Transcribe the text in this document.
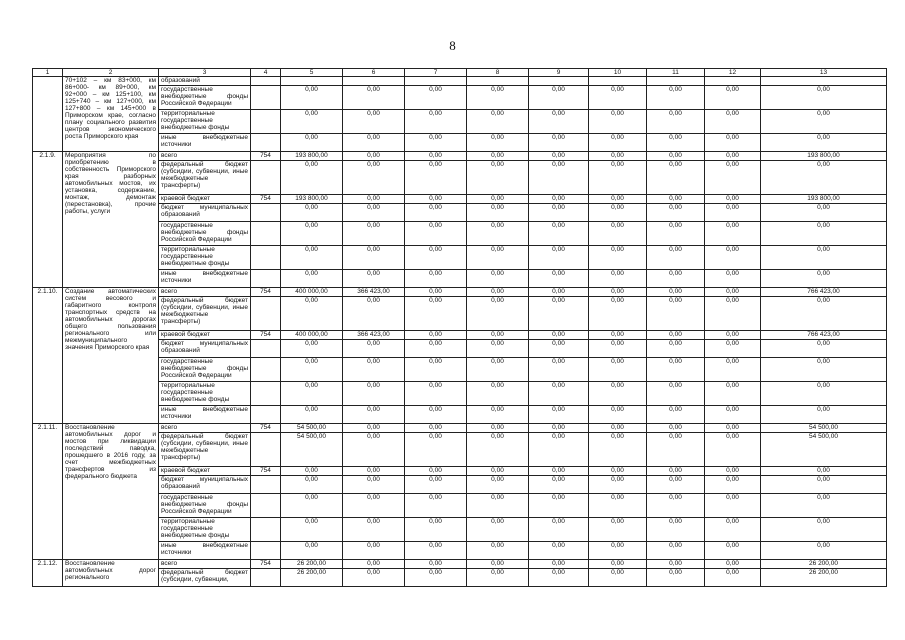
8
1	2	3	4	5	6	7	8	9	10	11	12	13
	70+102 – км 83+000, км 86+000- км 89+000, км 92+000 – км 125+100, км 125+740 – км 127+000, км 127+800 – км 145+000 в Приморском крае, согласно плану социального развития центров экономического роста Приморского края	образований										
		государственные внебюджетные фонды Российской Федерации		0,00	0,00	0,00	0,00	0,00	0,00	0,00	0,00	0,00
		территориальные государственные внебюджетные фонды		0,00	0,00	0,00	0,00	0,00	0,00	0,00	0,00	0,00
		иные внебюджетные источники		0,00	0,00	0,00	0,00	0,00	0,00	0,00	0,00	0,00
2.1.9.	Мероприятия по приобретению в собственность Приморского края разборных автомобильных мостов, их установка, содержание, монтаж, демонтаж (перестановка), прочие работы, услуги	всего	754	193 800,00	0,00	0,00	0,00	0,00	0,00	0,00	0,00	193 800,00
		федеральный бюджет (субсидии, субвенции, иные межбюджетные трансферты)		0,00	0,00	0,00	0,00	0,00	0,00	0,00	0,00	0,00
		краевой бюджет	754	193 800,00	0,00	0,00	0,00	0,00	0,00	0,00	0,00	193 800,00
		бюджет муниципальных образований		0,00	0,00	0,00	0,00	0,00	0,00	0,00	0,00	0,00
		государственные внебюджетные фонды Российской Федерации		0,00	0,00	0,00	0,00	0,00	0,00	0,00	0,00	0,00
		территориальные государственные внебюджетные фонды		0,00	0,00	0,00	0,00	0,00	0,00	0,00	0,00	0,00
		иные внебюджетные источники		0,00	0,00	0,00	0,00	0,00	0,00	0,00	0,00	0,00
2.1.10.	Создание автоматических систем весового и габаритного контроля транспортных средств на автомобильных дорогах общего пользования регионального или межмуниципального значения Приморского края	всего	754	400 000,00	366 423,00	0,00	0,00	0,00	0,00	0,00	0,00	766 423,00
		федеральный бюджет (субсидии, субвенции, иные межбюджетные трансферты)		0,00	0,00	0,00	0,00	0,00	0,00	0,00	0,00	0,00
		краевой бюджет	754	400 000,00	366 423,00	0,00	0,00	0,00	0,00	0,00	0,00	766 423,00
		бюджет муниципальных образований		0,00	0,00	0,00	0,00	0,00	0,00	0,00	0,00	0,00
		государственные внебюджетные фонды Российской Федерации		0,00	0,00	0,00	0,00	0,00	0,00	0,00	0,00	0,00
		территориальные государственные внебюджетные фонды		0,00	0,00	0,00	0,00	0,00	0,00	0,00	0,00	0,00
		иные внебюджетные источники		0,00	0,00	0,00	0,00	0,00	0,00	0,00	0,00	0,00
2.1.11.	Восстановление автомобильных дорог и мостов при ликвидации последствий паводка, прошедшего в 2016 году, за счет межбюджетных трансфертов из федерального бюджета	всего	754	54 500,00	0,00	0,00	0,00	0,00	0,00	0,00	0,00	54 500,00
		федеральный бюджет (субсидии, субвенции, иные межбюджетные трансферты)		54 500,00	0,00	0,00	0,00	0,00	0,00	0,00	0,00	54 500,00
		краевой бюджет	754	0,00	0,00	0,00	0,00	0,00	0,00	0,00	0,00	0,00
		бюджет муниципальных образований		0,00	0,00	0,00	0,00	0,00	0,00	0,00	0,00	0,00
		государственные внебюджетные фонды Российской Федерации		0,00	0,00	0,00	0,00	0,00	0,00	0,00	0,00	0,00
		территориальные государственные внебюджетные фонды		0,00	0,00	0,00	0,00	0,00	0,00	0,00	0,00	0,00
		иные внебюджетные источники		0,00	0,00	0,00	0,00	0,00	0,00	0,00	0,00	0,00
2.1.12.	Восстановление автомобильных дорог регионального	всего	754	26 200,00	0,00	0,00	0,00	0,00	0,00	0,00	0,00	26 200,00
		федеральный бюджет (субсидии, субвенции,		26 200,00	0,00	0,00	0,00	0,00	0,00	0,00	0,00	26 200,00
